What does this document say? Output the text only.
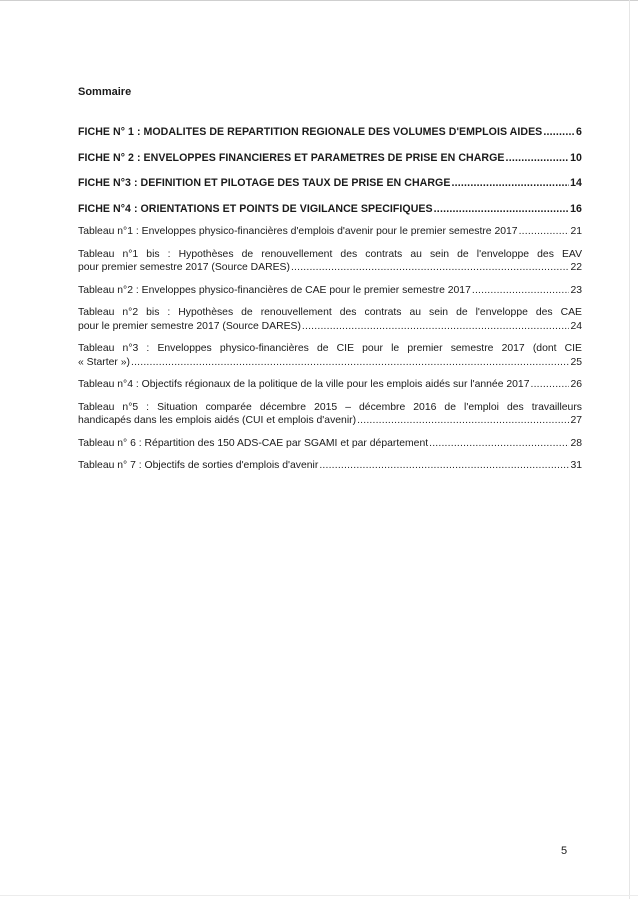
Sommaire
FICHE N° 1 : MODALITES DE REPARTITION REGIONALE DES VOLUMES D'EMPLOIS AIDES .....	6
FICHE N° 2 : ENVELOPPES FINANCIERES ET PARAMETRES DE PRISE EN CHARGE .....	10
FICHE N°3 : DEFINITION ET PILOTAGE DES TAUX DE PRISE EN CHARGE .....	14
FICHE N°4 : ORIENTATIONS ET POINTS DE VIGILANCE SPECIFIQUES .....	16
Tableau n°1 : Enveloppes physico-financières d'emplois d'avenir pour le premier semestre 2017 .....	21
Tableau n°1 bis : Hypothèses de renouvellement des contrats au sein de l'enveloppe des EAV
pour premier semestre 2017 (Source DARES) .....	22
Tableau n°2 : Enveloppes physico-financières de CAE pour le premier semestre 2017 .....	23
Tableau n°2 bis : Hypothèses de renouvellement des contrats au sein de l'enveloppe des CAE
pour le premier semestre 2017 (Source DARES) .....	24
Tableau n°3 : Enveloppes physico-financières de CIE pour le premier semestre 2017 (dont CIE
« Starter ») .....	25
Tableau n°4 : Objectifs régionaux de la politique de la ville pour les emplois aidés sur l'année 2017 .....	26
Tableau n°5 : Situation comparée décembre 2015 – décembre 2016 de l'emploi des travailleurs
handicapés dans les emplois aidés (CUI et emplois d'avenir) .....	27
Tableau n° 6 : Répartition des 150 ADS-CAE par SGAMI et par département .....	28
Tableau n° 7 : Objectifs de sorties d'emplois d'avenir .....	31
5
